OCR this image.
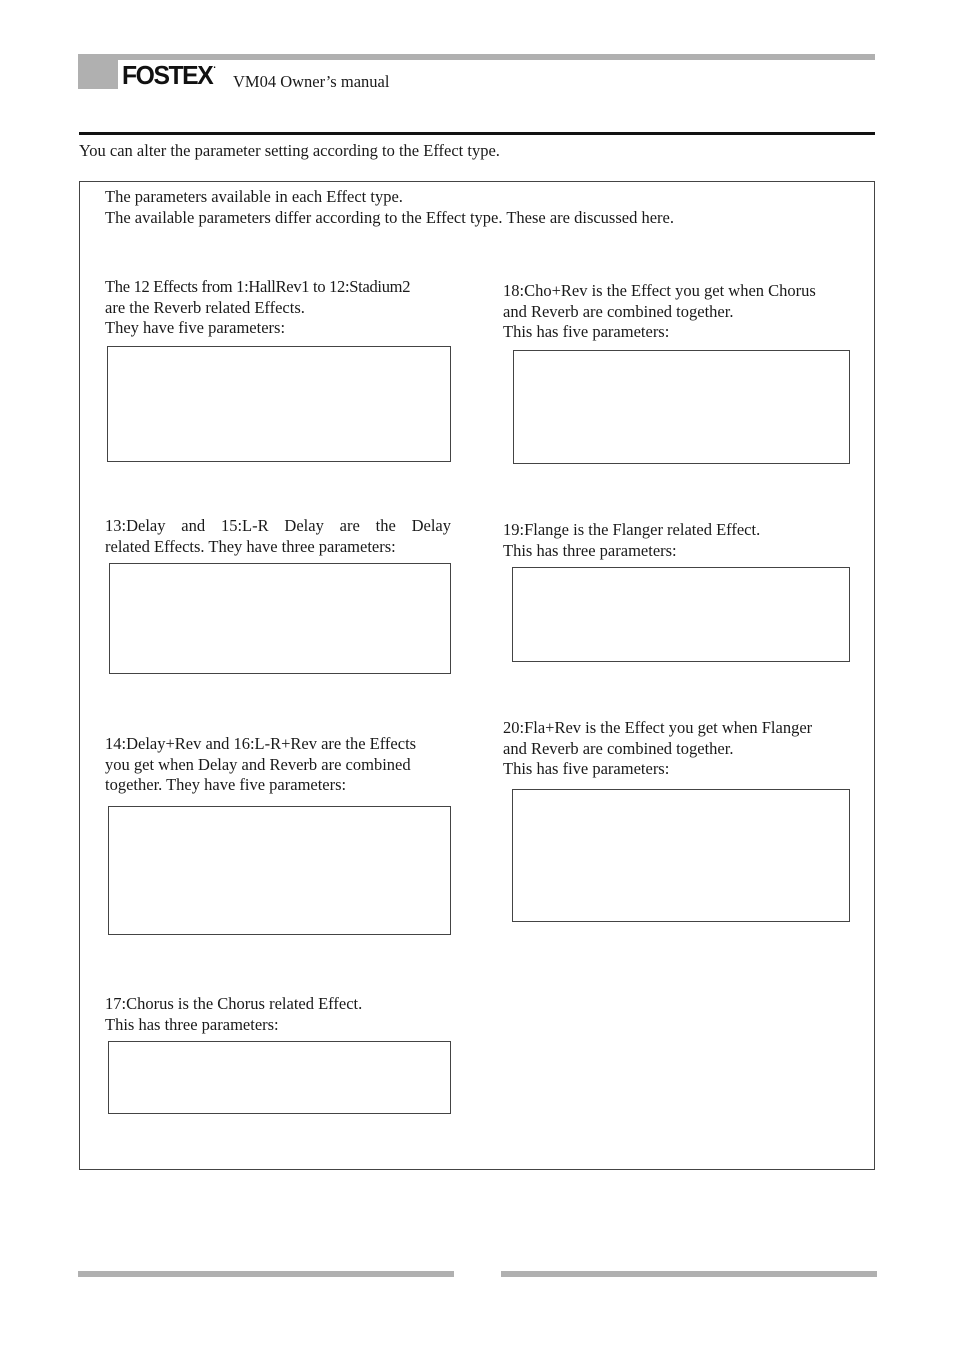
FOSTEX.
VM04 Owner’s manual
You can alter the parameter setting according to the Effect type.
The parameters available in each Effect type.
The available parameters differ according to the Effect type. These are discussed here.
The 12 Effects from 1:HallRev1 to 12:Stadium2
are the Reverb related Effects.
They have five parameters:
13:Delay and 15:L-R Delay are the Delay
related Effects. They have three parameters:
14:Delay+Rev and 16:L-R+Rev are the Effects
you get when Delay and Reverb are combined
together. They have five parameters:
17:Chorus is the Chorus related Effect.
This has three parameters:
18:Cho+Rev is the Effect you get when Chorus
and Reverb are combined together.
This has five parameters:
19:Flange is the Flanger related Effect.
This has three parameters:
20:Fla+Rev is the Effect you get when Flanger
and Reverb are combined together.
This has five parameters:
